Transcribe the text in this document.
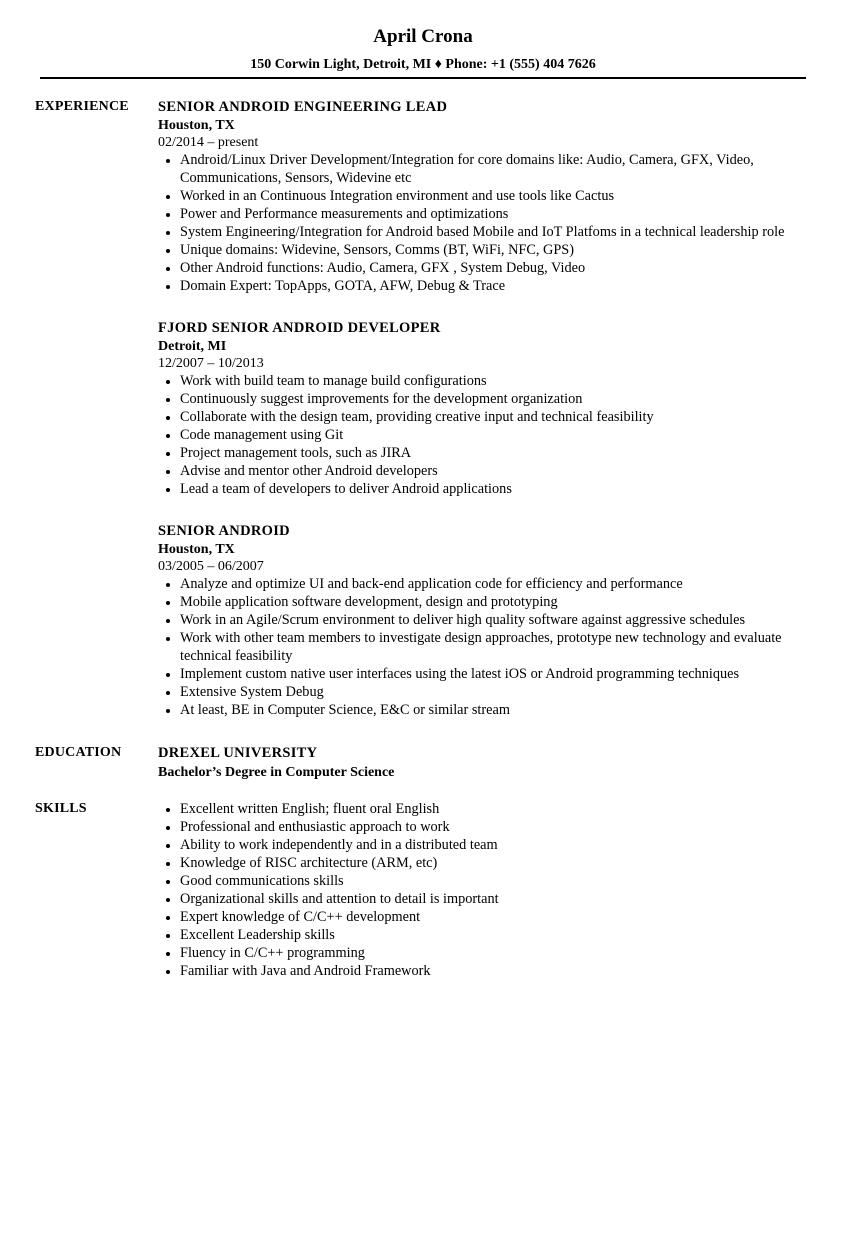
April Crona
150 Corwin Light, Detroit, MI ♦ Phone: +1 (555) 404 7626
EXPERIENCE SENIOR ANDROID ENGINEERING LEAD
Houston, TX
02/2014 – present
• Android/Linux Driver Development/Integration for core domains like: Audio, Camera, GFX, Video, Communications, Sensors, Widevine etc
• Worked in an Continuous Integration environment and use tools like Cactus
• Power and Performance measurements and optimizations
• System Engineering/Integration for Android based Mobile and IoT Platfoms in a technical leadership role
• Unique domains: Widevine, Sensors, Comms (BT, WiFi, NFC, GPS)
• Other Android functions: Audio, Camera, GFX , System Debug, Video
• Domain Expert: TopApps, GOTA, AFW, Debug & Trace
FJORD SENIOR ANDROID DEVELOPER
Detroit, MI
12/2007 – 10/2013
• Work with build team to manage build configurations
• Continuously suggest improvements for the development organization
• Collaborate with the design team, providing creative input and technical feasibility
• Code management using Git
• Project management tools, such as JIRA
• Advise and mentor other Android developers
• Lead a team of developers to deliver Android applications
SENIOR ANDROID
Houston, TX
03/2005 – 06/2007
• Analyze and optimize UI and back-end application code for efficiency and performance
• Mobile application software development, design and prototyping
• Work in an Agile/Scrum environment to deliver high quality software against aggressive schedules
• Work with other team members to investigate design approaches, prototype new technology and evaluate technical feasibility
• Implement custom native user interfaces using the latest iOS or Android programming techniques
• Extensive System Debug
• At least, BE in Computer Science, E&C or similar stream
EDUCATION	DREXEL UNIVERSITY
Bachelor’s Degree in Computer Science
SKILLS
•	Excellent written English; fluent oral English
• Professional and enthusiastic approach to work
• Ability to work independently and in a distributed team
• Knowledge of RISC architecture (ARM, etc)
• Good communications skills
• Organizational skills and attention to detail is important
• Expert knowledge of C/C++ development
• Excellent Leadership skills
• Fluency in C/C++ programming
• Familiar with Java and Android Framework
